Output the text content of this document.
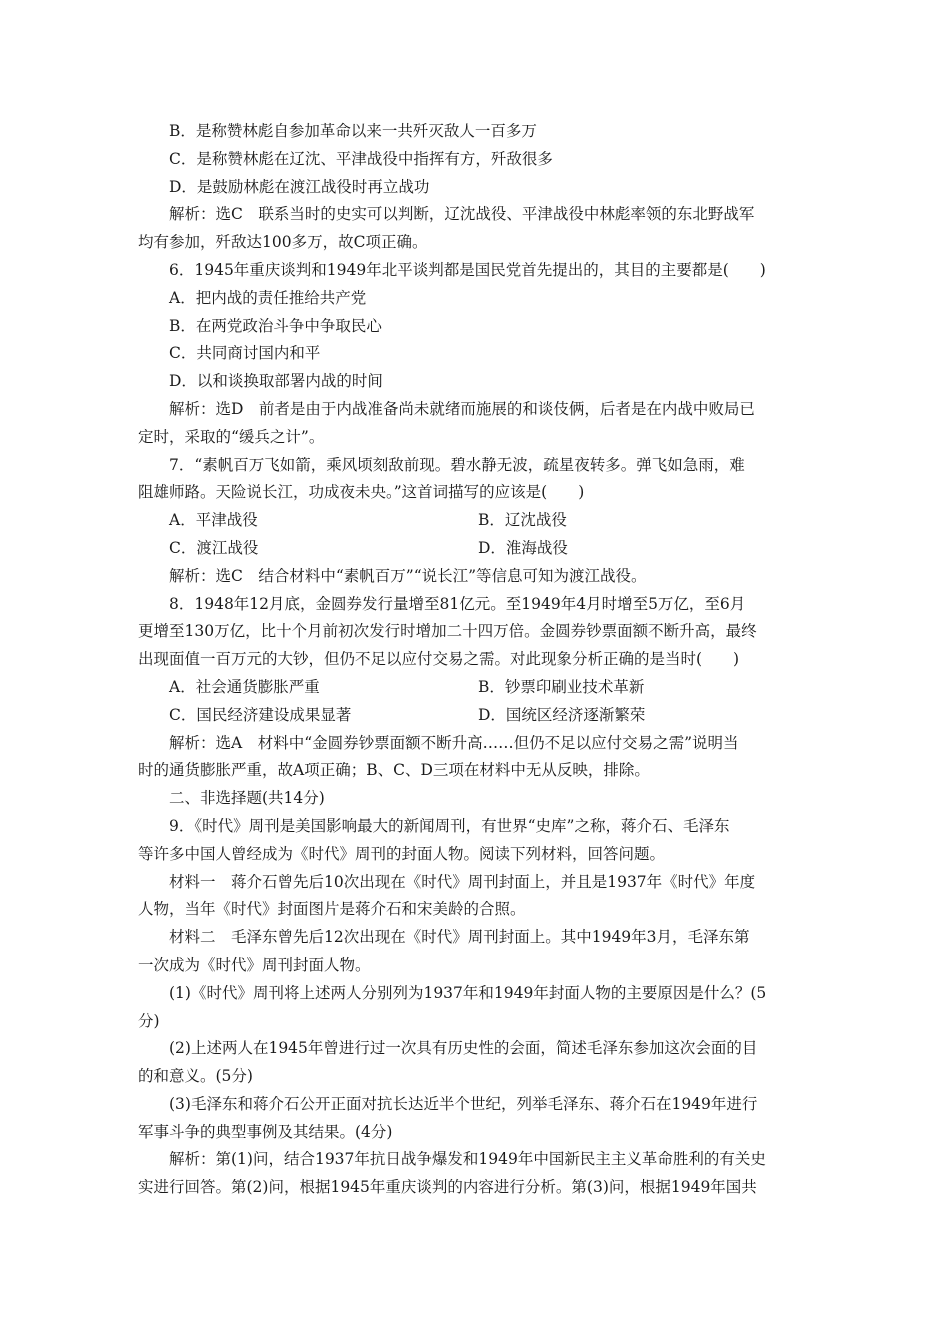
B．是称赞林彪自参加革命以来一共歼灭敌人一百多万
C．是称赞林彪在辽沈、平津战役中指挥有方，歼敌很多
D．是鼓励林彪在渡江战役时再立战功
解析：选C　联系当时的史实可以判断，辽沈战役、平津战役中林彪率领的东北野战军
均有参加，歼敌达100多万，故C项正确。
6．1945年重庆谈判和1949年北平谈判都是国民党首先提出的，其目的主要都是(　　)
A．把内战的责任推给共产党
B．在两党政治斗争中争取民心
C．共同商讨国内和平
D．以和谈换取部署内战的时间
解析：选D　前者是由于内战准备尚未就绪而施展的和谈伎俩，后者是在内战中败局已
定时，采取的“缓兵之计”。
7．“素帆百万飞如箭，乘风顷刻敌前现。碧水静无波，疏星夜转多。弹飞如急雨，难
阻雄师路。天险说长江，功成夜未央。”这首词描写的应该是(　　)
A．平津战役	B．辽沈战役
C．渡江战役	D．淮海战役
解析：选C　结合材料中“素帆百万”“说长江”等信息可知为渡江战役。
8．1948年12月底，金圆券发行量增至81亿元。至1949年4月时增至5万亿，至6月
更增至130万亿，比十个月前初次发行时增加二十四万倍。金圆券钞票面额不断升高，最终
出现面值一百万元的大钞，但仍不足以应付交易之需。对此现象分析正确的是当时(　　)
A．社会通货膨胀严重	B．钞票印刷业技术革新
C．国民经济建设成果显著	D．国统区经济逐渐繁荣
解析：选A　材料中“金圆券钞票面额不断升高……但仍不足以应付交易之需”说明当
时的通货膨胀严重，故A项正确；B、C、D三项在材料中无从反映，排除。
二、非选择题(共14分)
9．《时代》周刊是美国影响最大的新闻周刊，有世界“史库”之称，蒋介石、毛泽东
等许多中国人曾经成为《时代》周刊的封面人物。阅读下列材料，回答问题。
材料一　蒋介石曾先后10次出现在《时代》周刊封面上，并且是1937年《时代》年度
人物，当年《时代》封面图片是蒋介石和宋美龄的合照。
材料二　毛泽东曾先后12次出现在《时代》周刊封面上。其中1949年3月，毛泽东第
一次成为《时代》周刊封面人物。
(1)《时代》周刊将上述两人分别列为1937年和1949年封面人物的主要原因是什么？(5
分)
(2)上述两人在1945年曾进行过一次具有历史性的会面，简述毛泽东参加这次会面的目
的和意义。(5分)
(3)毛泽东和蒋介石公开正面对抗长达近半个世纪，列举毛泽东、蒋介石在1949年进行
军事斗争的典型事例及其结果。(4分)
解析：第(1)问，结合1937年抗日战争爆发和1949年中国新民主主义革命胜利的有关史
实进行回答。第(2)问，根据1945年重庆谈判的内容进行分析。第(3)问，根据1949年国共
